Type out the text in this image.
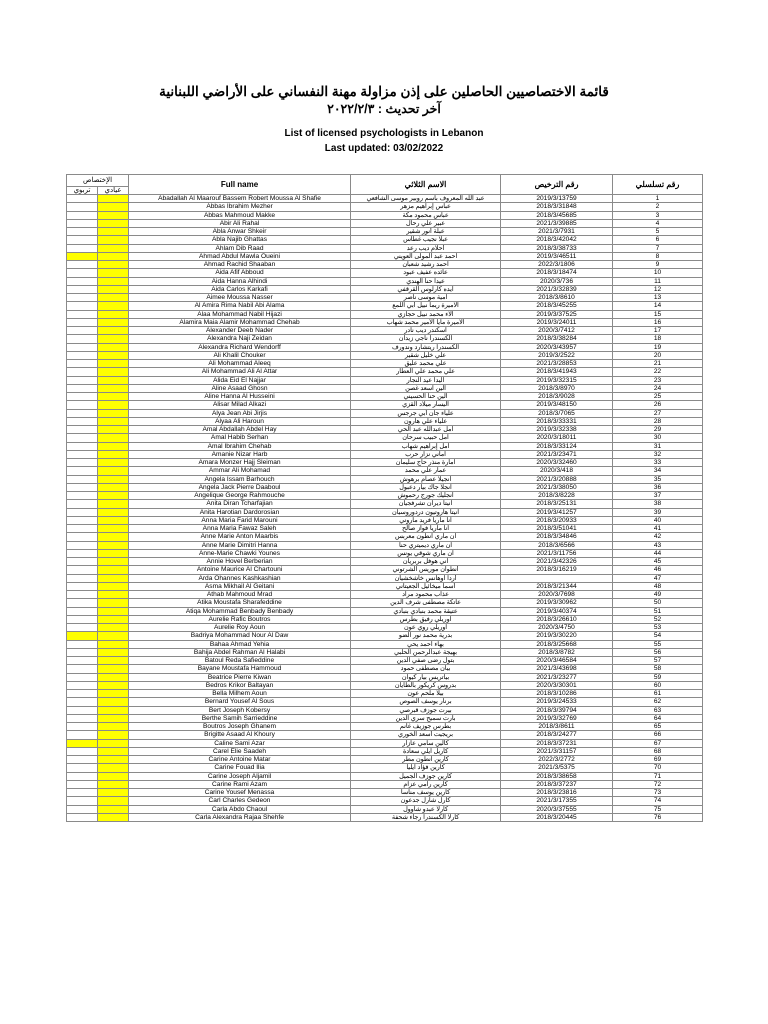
قائمة الاختصاصيين الحاصلين على إذن مزاولة مهنة النفساني على الأراضي اللبنانية
آخر تحديث : ٢٠٢٢/٢/٣
List of licensed psychologists in Lebanon
Last updated: 03/02/2022
الإختصاص		Full name	الاسم الثلاثي	رقم الترخيص	رقم تسلسلي
تربوي	عيادي				
		Abadallah Al Maarouf Bassem Robert Moussa Al Shafie	عبد الله المعروف باسم روبير موسى الشافعي	2019/3/13759	1
		Abbas Ibrahim Mezher	عباس إبراهيم مزهر	2018/3/31848	2
		Abbas Mahmoud Makke	عباس محمود مكة	2018/3/45685	3
		Abir Ali Rahal	عبير علي رحال	2021/3/39885	4
		Abla Anwar Shkeir	عبلة أنور شقير	2021/3/7931	5
		Abla Najib Ghattas	عبلا نجيب غطاس	2018/3/42042	6
		Ahlam Dib Raad	أحلام ديب رعد	2018/3/38733	7
		Ahmad Abdul Mawla Oueini	احمد عبد المولى العويني	2019/3/46511	8
		Ahmad Rachid Shaaban	احمد رشيد شعبان	2022/3/1806	9
		Aida Afif Abboud	عائده عفيف عبود	2018/3/18474	10
		Aida Hanna Alhindi	عيدا حنا الهندي	2020/3/736	11
		Aida Carlos Karkafi	ايده كارلوس القرقفي	2021/3/32839	12
		Aimee Moussa Nasser	امية موسى ناصر	2018/3/8610	13
		Al Amira Rima Nabil Abi Alama	الاميرة ريما نبيل أبي اللمع	2018/3/45255	14
		Alaa Mohammad Nabil Hijazi	الاء محمد نبيل حجازي	2019/3/37525	15
		Alamira Maia Alamir Mohammad Chehab	الاميرة مايا الأمير محمد شهاب	2019/3/24011	16
		Alexander Deeb Nader	اسكندر ديب نادر	2020/3/7412	17
		Alexandra Naji Zeidan	الكسندرا ناجي زيدان	2018/3/38284	18
		Alexandra Richard Wendorff	الكسندرا ريتشارد وندورف	2020/3/43957	19
		Ali Khalil Chouker	علي خليل شقير	2019/3/2522	20
		Ali Mohammad Aleeq	علي محمد عليق	2021/3/28853	21
		Ali Mohammad Ali Al Attar	علي محمد علي العطار	2018/3/41943	22
		Alida Eid El Najjar	اليدا عيد النجار	2019/3/32315	23
		Aline Asaad Ghosn	الين اسعد غصن	2018/3/8970	24
		Aline Hanna Al Husseini	الين حنا الحسيني	2018/3/9028	25
		Alisar Milad Alkazi	اليسار ميلاد القزي	2019/3/48150	26
		Alya Jean Abi Jirjis	علياء جان أبي جرجس	2018/3/7065	27
		Alyaa Ali Haroun	علياء علي هارون	2018/3/33331	28
		Amal Abdallah Abdel Hay	امل عبدالله عبد الحي	2019/3/32338	29
		Amal Habib Serhan	امل حبيب سرحان	2020/3/18011	30
		Amal Ibrahim Chehab	امل إبراهيم شهاب	2018/3/33124	31
		Amanie Nizar Harb	اماني نزار حرب	2021/3/23471	32
		Amara Monzer Hajj Sleiman	امارة منذر حاج سليمان	2020/3/32460	33
		Ammar Ali Mohamad	عمار علي محمد	2020/3/418	34
		Angela Issam Barhouch	انجيلا عصام برهوش	2021/3/20888	35
		Angela Jack Pierre Daaboul	انجلا جاك بيار دعبول	2021/3/38050	36
		Angelique George Rahmouche	انجليك جورج رحموش	2018/3/8228	37
		Anita Diran Tcharfajian	انيتا ديران تشرفجيان	2018/3/25131	38
		Anita Harotian Dardorosian	انيتا هاروتيون دردوروسيان	2019/3/41257	39
		Anna Maria Farid Marouni	انا ماريا فريد ماروني	2018/3/20933	40
		Anna Maria Fawaz Saleh	انا ماريا فواز صالح	2018/3/51041	41
		Anne Marie Anton Maarbis	ان ماري انطون معربس	2018/3/34846	42
		Anne Marie Dimitri Hanna	ان ماري ديميتري حنا	2018/3/6566	43
		Anne-Marie Chawki Younes	آن ماري شوقي يونس	2021/3/11756	44
		Annie Hovel Berberian	آني هوفل بربريان	2021/3/42326	45
		Antoine Maurice Al Chartouni	أنطوان موريس الشرتوني	2018/3/16219	46
		Arda Ohannes Kashkashian	أردا اوهانس خاشخشيان		47
		Asma Mikhail Al Geitani	أسما ميخائيل الجعيتاني	2018/3/21344	48
		Athab Mahmoud Mrad	عذاب محمود مراد	2020/3/7698	49
		Atika Moustafa Sharafeddine	عاتكة مصطفى شرف الدين	2019/3/30962	50
		Atiqa Mohammad Benbady Benbady	عتيقة محمد بنبادي بنبادي	2019/3/40374	51
		Aurelie Rafic Boutros	اوريلي رفيق بطرس	2018/3/26610	52
		Aurelie Roy Aoun	اوريلي روي عون	2020/3/4750	53
		Badriya Mohammad Nour Al Daw	بدرية محمد نور الضو	2019/3/30220	54
		Bahaa Ahmad Yehia	بهاء احمد يحي	2018/3/25668	55
		Bahija Abdel Rahman Al Halabi	بهيجة عبدالرحمن الحلبي	2018/3/8782	56
		Batoul Reda Safieddine	بتول رضى صفي الدين	2020/3/46584	57
		Bayane Moustafa Hammoud	بيان مصطفى حمود	2021/3/43698	58
		Beatrice Pierre Kiwan	بياتريس بيار كيوان	2021/3/23277	59
		Bedros Krikor Baltayan	بدروس كريكور بالطايان	2020/3/30301	60
		Bella Milhem Aoun	بيلا ملحم عون	2018/3/10286	61
		Bernard Yousef Al Sous	برنار يوسف الصوص	2019/3/24533	62
		Bert Joseph Kobersy	بيرت جوزف قبرصي	2018/3/39794	63
		Berthe Samih Sarrieddine	بارت سميح سري الدين	2019/3/32769	64
		Boutros Joseph Ghanem	بطرس جوزيف غانم	2018/3/8611	65
		Brigitte Asaad Al Khoury	بريجيت أسعد الخوري	2018/3/24277	66
		Caline Sami Azar	كالين سامي عازار	2018/3/37231	67
		Carel Elie Saadeh	كاريل ايلي سعادة	2021/3/31157	68
		Carine Antoine Matar	كارين انطون مطر	2022/3/2772	69
		Carine Fouad Ilia	كارين فؤاد ايليا	2021/3/5375	70
		Carine Joseph Aljamil	كارين جوزف الجميل	2018/3/38658	71
		Carine Rami Azam	كارين رامي عزام	2018/3/37237	72
		Carine Yousef Menassa	كارين يوسف مناسا	2018/3/23816	73
		Carl Charles Gedeon	كارل شارل جدعون	2021/3/17355	74
		Carla Abdo Chaoul	كارلا عبدو شاوول	2020/3/37555	75
		Carla Alexandra Rajaa Shehfe	كارلا الكسندرا رجاء شحفة	2018/3/20445	76
